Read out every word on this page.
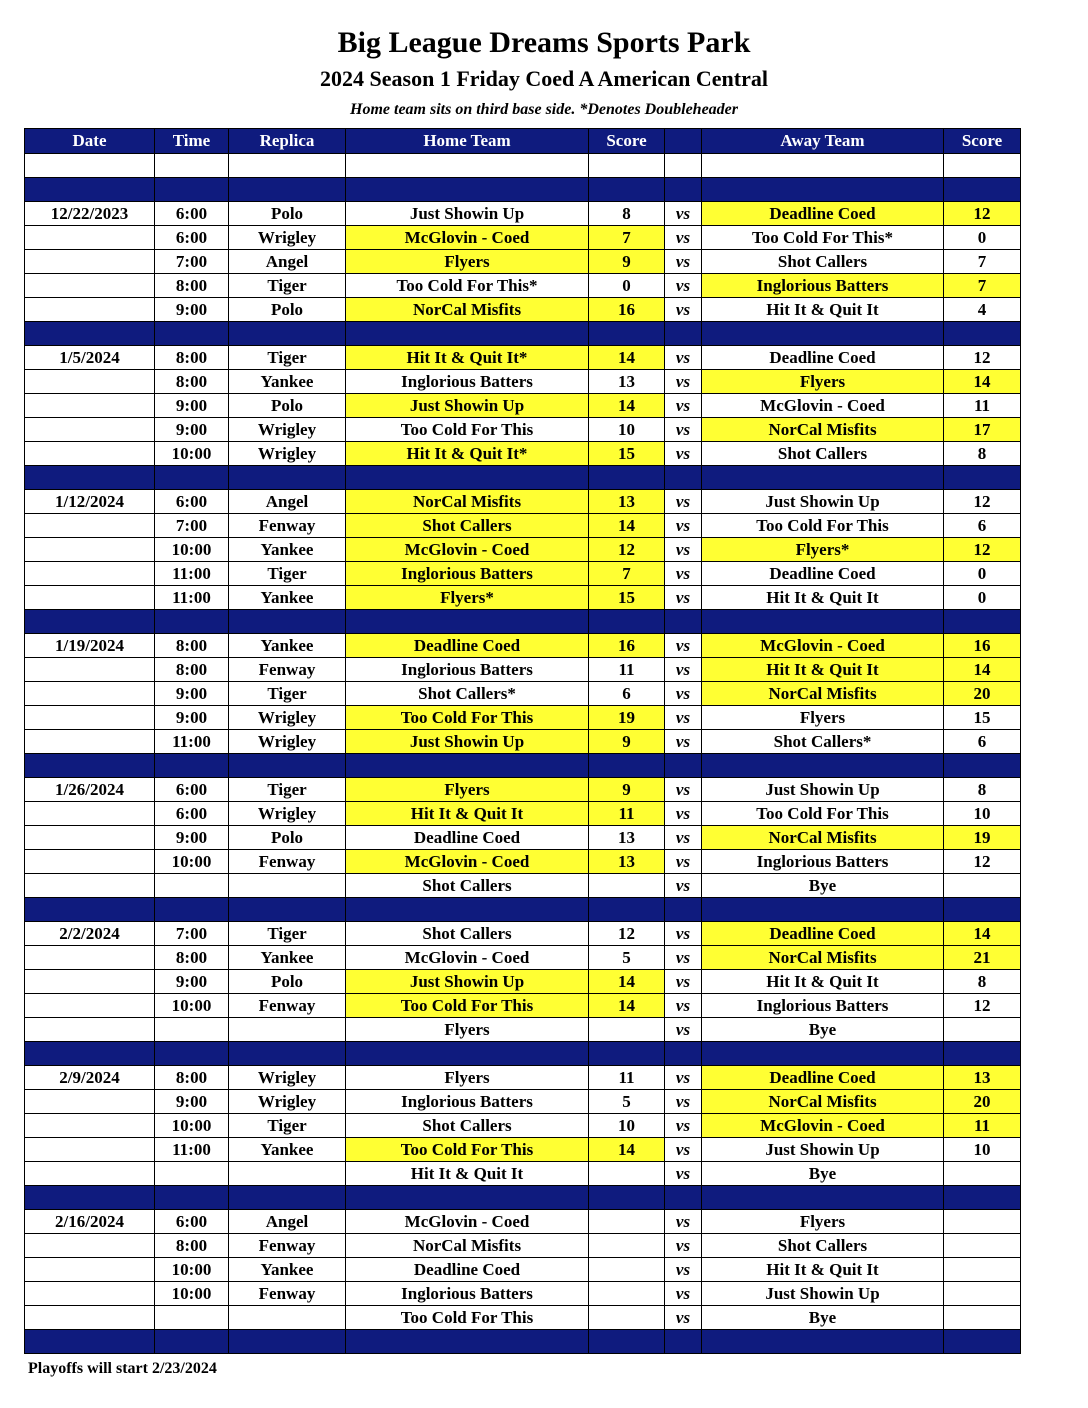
Big League Dreams Sports Park
2024 Season 1 Friday Coed A American Central
Home team sits on third base side. *Denotes Doubleheader
Date	Time	Replica	Home Team	Score		Away Team	Score

12/22/2023	6:00	Polo	Just Showin Up	8	vs	Deadline Coed	12
	6:00	Wrigley	McGlovin - Coed	7	vs	Too Cold For This*	0
	7:00	Angel	Flyers	9	vs	Shot Callers	7
	8:00	Tiger	Too Cold For This*	0	vs	Inglorious Batters	7
	9:00	Polo	NorCal Misfits	16	vs	Hit It & Quit It	4

1/5/2024	8:00	Tiger	Hit It & Quit It*	14	vs	Deadline Coed	12
	8:00	Yankee	Inglorious Batters	13	vs	Flyers	14
	9:00	Polo	Just Showin Up	14	vs	McGlovin - Coed	11
	9:00	Wrigley	Too Cold For This	10	vs	NorCal Misfits	17
	10:00	Wrigley	Hit It & Quit It*	15	vs	Shot Callers	8

1/12/2024	6:00	Angel	NorCal Misfits	13	vs	Just Showin Up	12
	7:00	Fenway	Shot Callers	14	vs	Too Cold For This	6
	10:00	Yankee	McGlovin - Coed	12	vs	Flyers*	12
	11:00	Tiger	Inglorious Batters	7	vs	Deadline Coed	0
	11:00	Yankee	Flyers*	15	vs	Hit It & Quit It	0

1/19/2024	8:00	Yankee	Deadline Coed	16	vs	McGlovin - Coed	16
	8:00	Fenway	Inglorious Batters	11	vs	Hit It & Quit It	14
	9:00	Tiger	Shot Callers*	6	vs	NorCal Misfits	20
	9:00	Wrigley	Too Cold For This	19	vs	Flyers	15
	11:00	Wrigley	Just Showin Up	9	vs	Shot Callers*	6

1/26/2024	6:00	Tiger	Flyers	9	vs	Just Showin Up	8
	6:00	Wrigley	Hit It & Quit It	11	vs	Too Cold For This	10
	9:00	Polo	Deadline Coed	13	vs	NorCal Misfits	19
	10:00	Fenway	McGlovin - Coed	13	vs	Inglorious Batters	12
			Shot Callers		vs	Bye	

2/2/2024	7:00	Tiger	Shot Callers	12	vs	Deadline Coed	14
	8:00	Yankee	McGlovin - Coed	5	vs	NorCal Misfits	21
	9:00	Polo	Just Showin Up	14	vs	Hit It & Quit It	8
	10:00	Fenway	Too Cold For This	14	vs	Inglorious Batters	12
			Flyers		vs	Bye	

2/9/2024	8:00	Wrigley	Flyers	11	vs	Deadline Coed	13
	9:00	Wrigley	Inglorious Batters	5	vs	NorCal Misfits	20
	10:00	Tiger	Shot Callers	10	vs	McGlovin - Coed	11
	11:00	Yankee	Too Cold For This	14	vs	Just Showin Up	10
			Hit It & Quit It		vs	Bye	

2/16/2024	6:00	Angel	McGlovin - Coed		vs	Flyers	
	8:00	Fenway	NorCal Misfits		vs	Shot Callers	
	10:00	Yankee	Deadline Coed		vs	Hit It & Quit It	
	10:00	Fenway	Inglorious Batters		vs	Just Showin Up	
			Too Cold For This		vs	Bye	

Playoffs will start 2/23/2024
